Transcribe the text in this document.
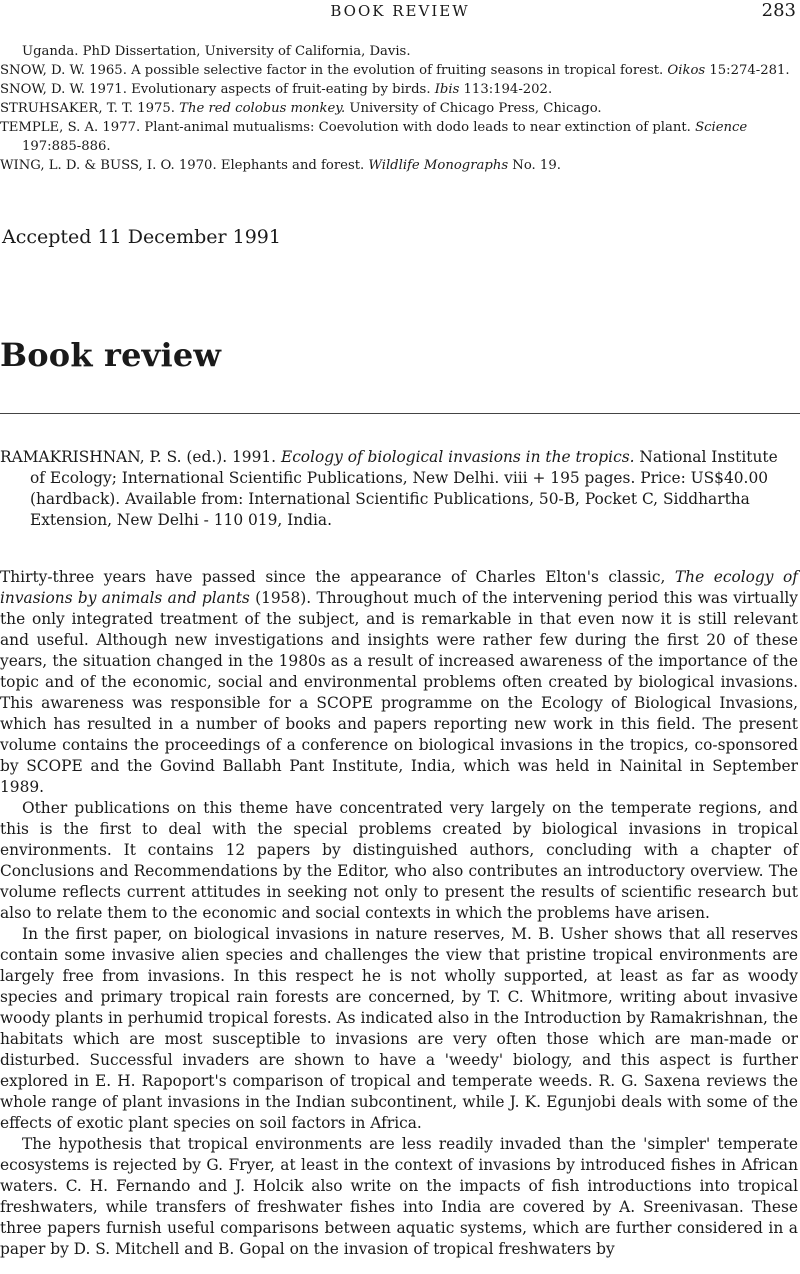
BOOK REVIEW	283

Uganda. PhD Dissertation, University of California, Davis.

SNOW, D. W. 1965. A possible selective factor in the evolution of fruiting seasons in tropical forest. Oikos 15:274-281.

SNOW, D. W. 1971. Evolutionary aspects of fruit-eating by birds. Ibis 113:194-202.

STRUHSAKER, T. T. 1975. The red colobus monkey. University of Chicago Press, Chicago.

TEMPLE, S. A. 1977. Plant-animal mutualisms: Coevolution with dodo leads to near extinction of plant. Science 197:885-886.

WING, L. D. & BUSS, I. O. 1970. Elephants and forest. Wildlife Monographs No. 19.

Accepted 11 December 1991
Book review
RAMAKRISHNAN, P. S. (ed.). 1991. Ecology of biological invasions in the tropics. National Institute of Ecology; International Scientific Publications, New Delhi. viii + 195 pages. Price: US$40.00 (hardback). Available from: International Scientific Publications, 50-B, Pocket C, Siddhartha Extension, New Delhi - 110 019, India.

Thirty-three years have passed since the appearance of Charles Elton's classic, The ecology of invasions by animals and plants (1958). Throughout much of the intervening period this was virtually the only integrated treatment of the subject, and is remarkable in that even now it is still relevant and useful. Although new investigations and insights were rather few during the first 20 of these years, the situation changed in the 1980s as a result of increased awareness of the importance of the topic and of the economic, social and environmental problems often created by biological invasions. This awareness was responsible for a SCOPE programme on the Ecology of Biological Invasions, which has resulted in a number of books and papers reporting new work in this field. The present volume contains the proceedings of a conference on biological invasions in the tropics, co-sponsored by SCOPE and the Govind Ballabh Pant Institute, India, which was held in Nainital in September 1989.

Other publications on this theme have concentrated very largely on the temperate regions, and this is the first to deal with the special problems created by biological invasions in tropical environments. It contains 12 papers by distinguished authors, concluding with a chapter of Conclusions and Recommendations by the Editor, who also contributes an introductory overview. The volume reflects current attitudes in seeking not only to present the results of scientific research but also to relate them to the economic and social contexts in which the problems have arisen.

In the first paper, on biological invasions in nature reserves, M. B. Usher shows that all reserves contain some invasive alien species and challenges the view that pristine tropical environments are largely free from invasions. In this respect he is not wholly supported, at least as far as woody species and primary tropical rain forests are concerned, by T. C. Whitmore, writing about invasive woody plants in perhumid tropical forests. As indicated also in the Introduction by Ramakrishnan, the habitats which are most susceptible to invasions are very often those which are man-made or disturbed. Successful invaders are shown to have a 'weedy' biology, and this aspect is further explored in E. H. Rapoport's comparison of tropical and temperate weeds. R. G. Saxena reviews the whole range of plant invasions in the Indian subcontinent, while J. K. Egunjobi deals with some of the effects of exotic plant species on soil factors in Africa.

The hypothesis that tropical environments are less readily invaded than the 'simpler' temperate ecosystems is rejected by G. Fryer, at least in the context of invasions by introduced fishes in African waters. C. H. Fernando and J. Holcik also write on the impacts of fish introductions into tropical freshwaters, while transfers of freshwater fishes into India are covered by A. Sreenivasan. These three papers furnish useful comparisons between aquatic systems, which are further considered in a paper by D. S. Mitchell and B. Gopal on the invasion of tropical freshwaters by
